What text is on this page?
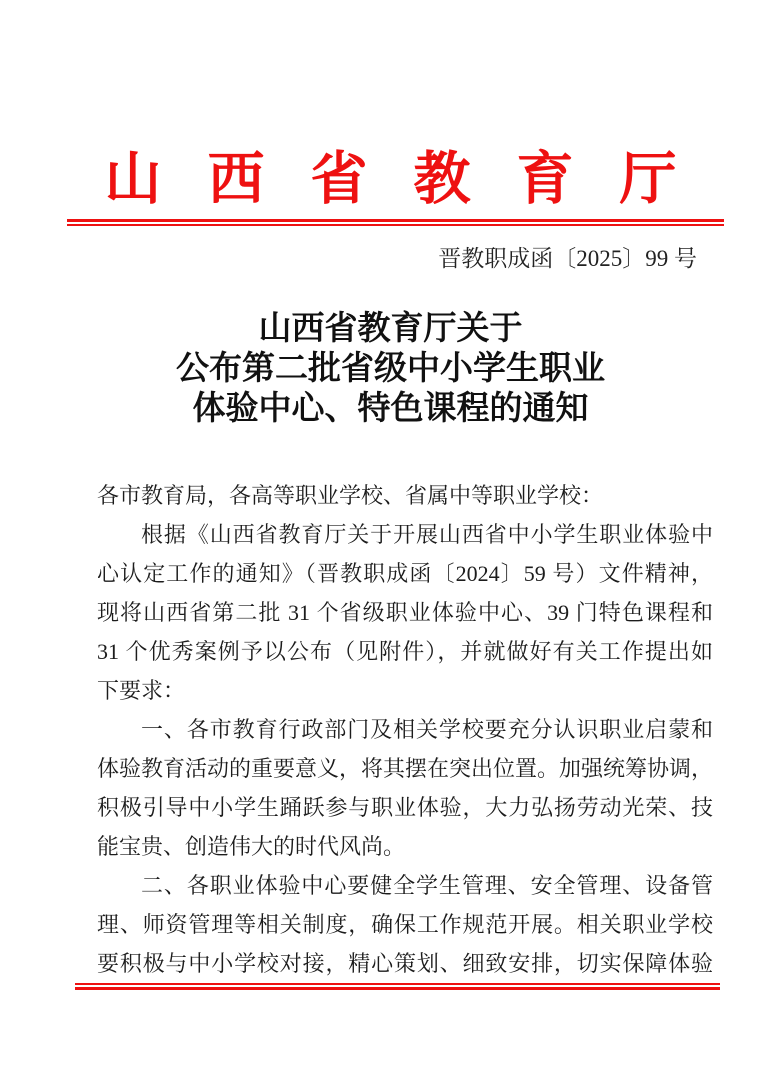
山西省教育厅
晋教职成函〔2025〕99 号
山西省教育厅关于
公布第二批省级中小学生职业
体验中心、特色课程的通知
各市教育局，各高等职业学校、省属中等职业学校：
根据《山西省教育厅关于开展山西省中小学生职业体验中
心认定工作的通知》（晋教职成函〔2024〕59 号）文件精神，
现将山西省第二批 31 个省级职业体验中心、39 门特色课程和
31 个优秀案例予以公布（见附件），并就做好有关工作提出如
下要求：
一、各市教育行政部门及相关学校要充分认识职业启蒙和
体验教育活动的重要意义，将其摆在突出位置。加强统筹协调，
积极引导中小学生踊跃参与职业体验，大力弘扬劳动光荣、技
能宝贵、创造伟大的时代风尚。
二、各职业体验中心要健全学生管理、安全管理、设备管
理、师资管理等相关制度，确保工作规范开展。相关职业学校
要积极与中小学校对接，精心策划、细致安排，切实保障体验
